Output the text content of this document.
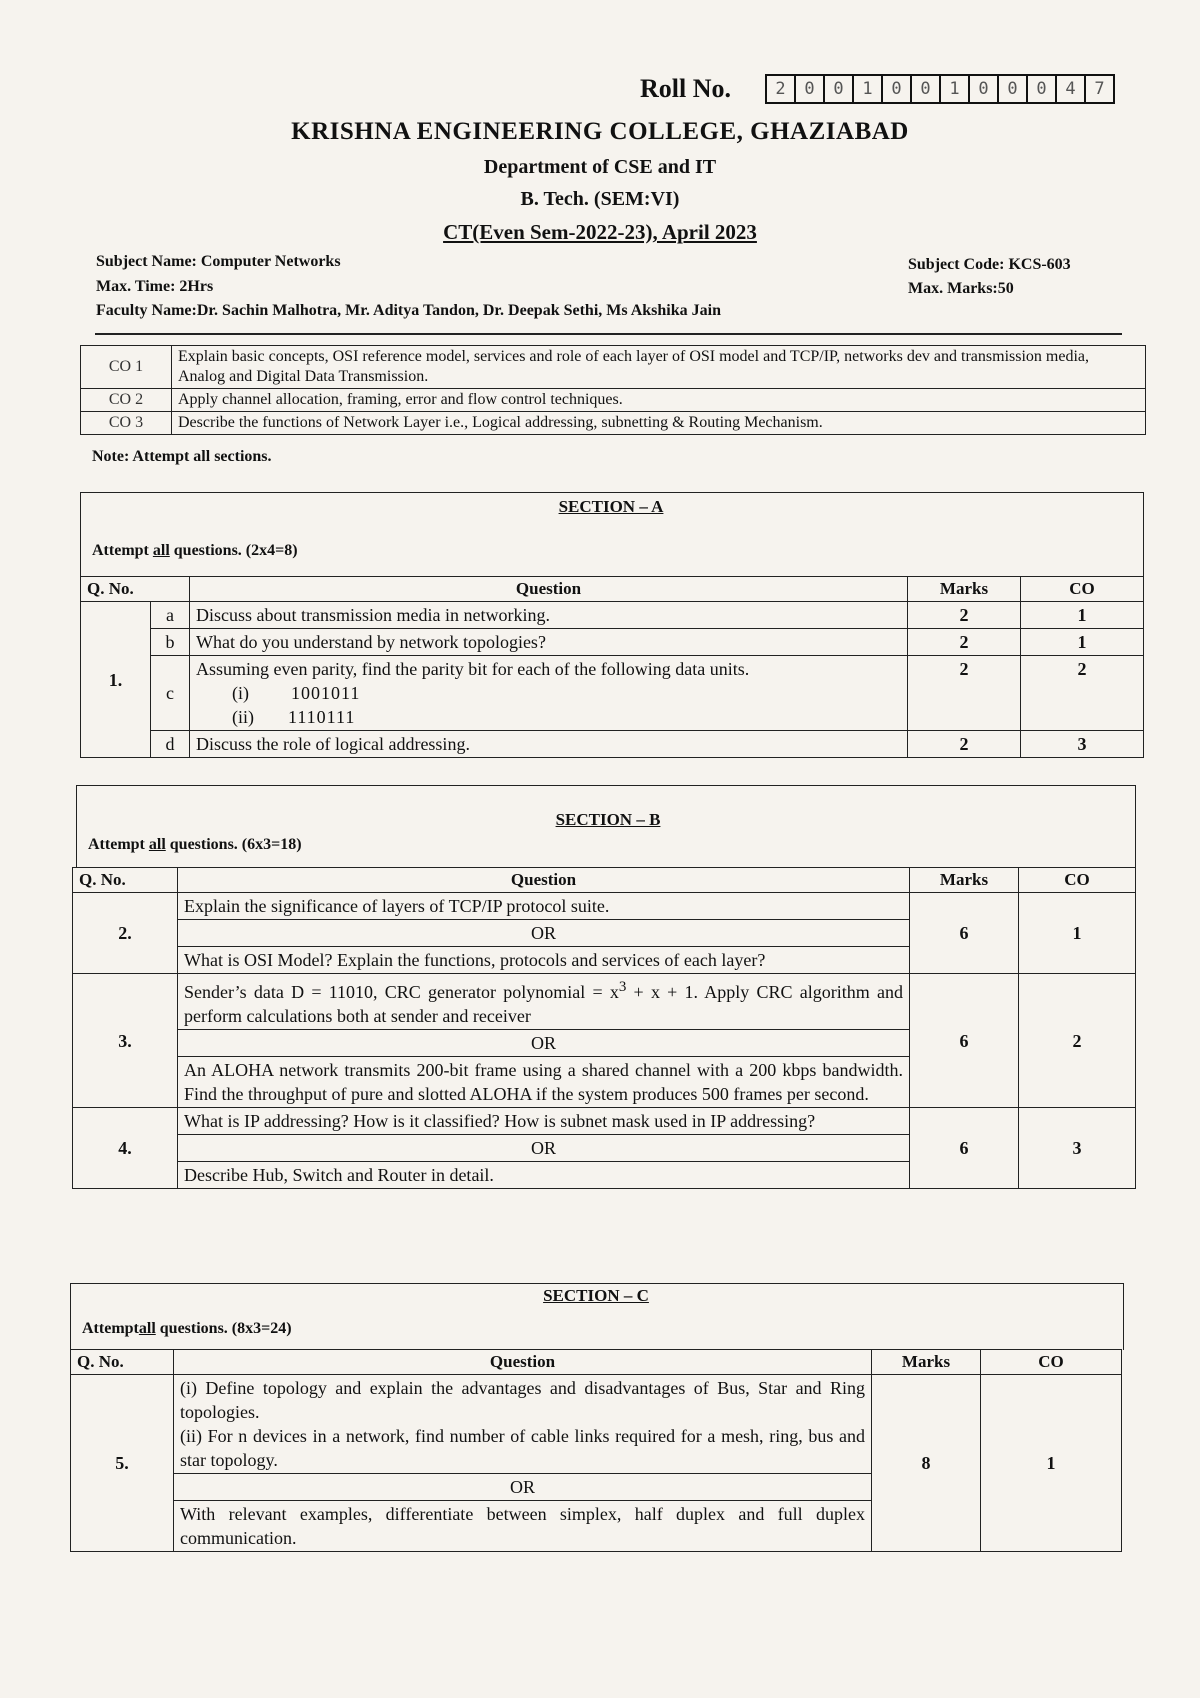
Roll No.	2	0	0	1	0	0	1	0	0	0	4	7
KRISHNA ENGINEERING COLLEGE, GHAZIABAD
Department of CSE and IT
B. Tech. (SEM:VI)
CT(Even Sem-2022-23), April 2023
Subject Name: Computer Networks	Subject Code: KCS-603
Max. Time: 2Hrs	Max. Marks:50
Faculty Name:Dr. Sachin Malhotra, Mr. Aditya Tandon, Dr. Deepak Sethi, Ms Akshika Jain
CO 1	Explain basic concepts, OSI reference model, services and role of each layer of OSI model and TCP/IP, networks dev and transmission media, Analog and Digital Data Transmission.
CO 2	Apply channel allocation, framing, error and flow control techniques.
CO 3	Describe the functions of Network Layer i.e., Logical addressing, subnetting & Routing Mechanism.
Note: Attempt all sections.
SECTION – A
Attempt all questions. (2x4=8)
Q. No.		Question	Marks	CO
1.	a	Discuss about transmission media in networking.	2	1
	b	What do you understand by network topologies?	2	1
	c	Assuming even parity, find the parity bit for each of the following data units.
(i) 1001011
(ii) 1110111	2	2
	d	Discuss the role of logical addressing.	2	3
SECTION – B
Attempt all questions. (6x3=18)
Q. No.	Question	Marks	CO
2.	Explain the significance of layers of TCP/IP protocol suite.	6	1
	OR		
	What is OSI Model? Explain the functions, protocols and services of each layer?		
3.	Sender’s data D = 11010, CRC generator polynomial = $x^3 + x + 1$. Apply CRC algorithm and perform calculations both at sender and receiver	6	2
	OR		
	An ALOHA network transmits 200-bit frame using a shared channel with a 200 kbps bandwidth. Find the throughput of pure and slotted ALOHA if the system produces 500 frames per second.		
4.	What is IP addressing? How is it classified? How is subnet mask used in IP addressing?	6	3
	OR		
	Describe Hub, Switch and Router in detail.		
SECTION – C
Attemptall questions. (8x3=24)
Q. No.	Question	Marks	CO
5.	(i) Define topology and explain the advantages and disadvantages of Bus, Star and Ring topologies.
(ii) For n devices in a network, find number of cable links required for a mesh, ring, bus and star topology.	8	1
	OR		
	With relevant examples, differentiate between simplex, half duplex and full duplex communication.		
